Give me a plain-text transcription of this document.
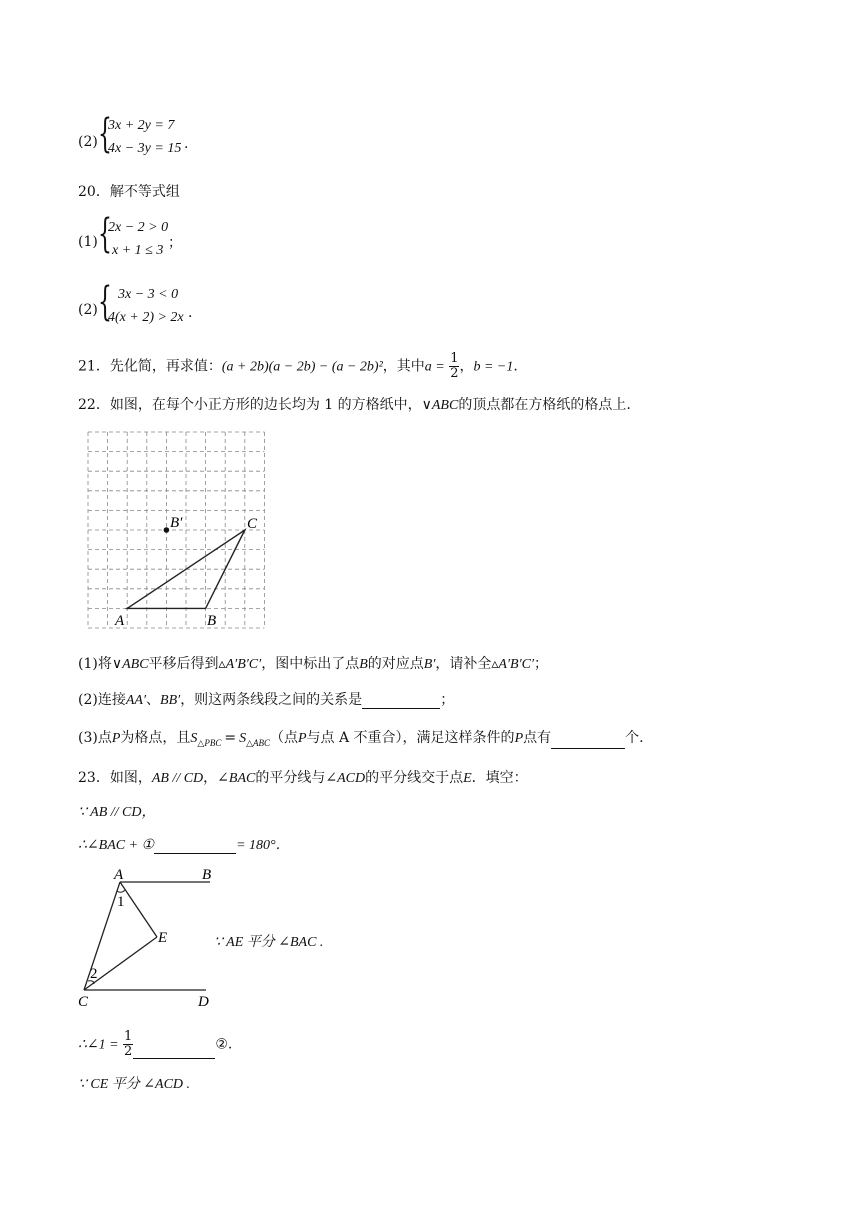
(2) {
3x + 2y = 7
4x − 3y = 15 .
20．解不等式组
(1) {
2x − 2 > 0
x + 1 ≤ 3 ；
(2) { 3x − 3 < 0
4(x + 2) > 2x .
21．先化简，再求值：(a + 2b)(a − 2b) − (a − 2b)²，其中$a = \frac{1}{2}$ ，b = −1.
22．如图，在每个小正方形的边长均为 1 的方格纸中，∨ABC的顶点都在方格纸的格点上.
A	B
C
B′
(1)将∨ABC平移后得到▵A′B′C′，图中标出了点B的对应点B′，请补全▵A′B′C′；
(2)连接AA′、BB′，则这两条线段之间的关系是	；
(3)点P为格点，且$S_{\triangle PBC} = S_{\triangle ABC}$（点P与点 A 不重合），满足这样条件的P点有	个.
23．如图，AB // CD，∠BAC的平分线与∠ACD的平分线交于点E．填空：
∵ AB // CD，
∴∠BAC + ①	= 180°．
A	B
C	D
E
1
2
∵ AE 平分 ∠BAC .
∴∠1 = $\frac{1}{2}$	②.
∵ CE 平分 ∠ACD .
